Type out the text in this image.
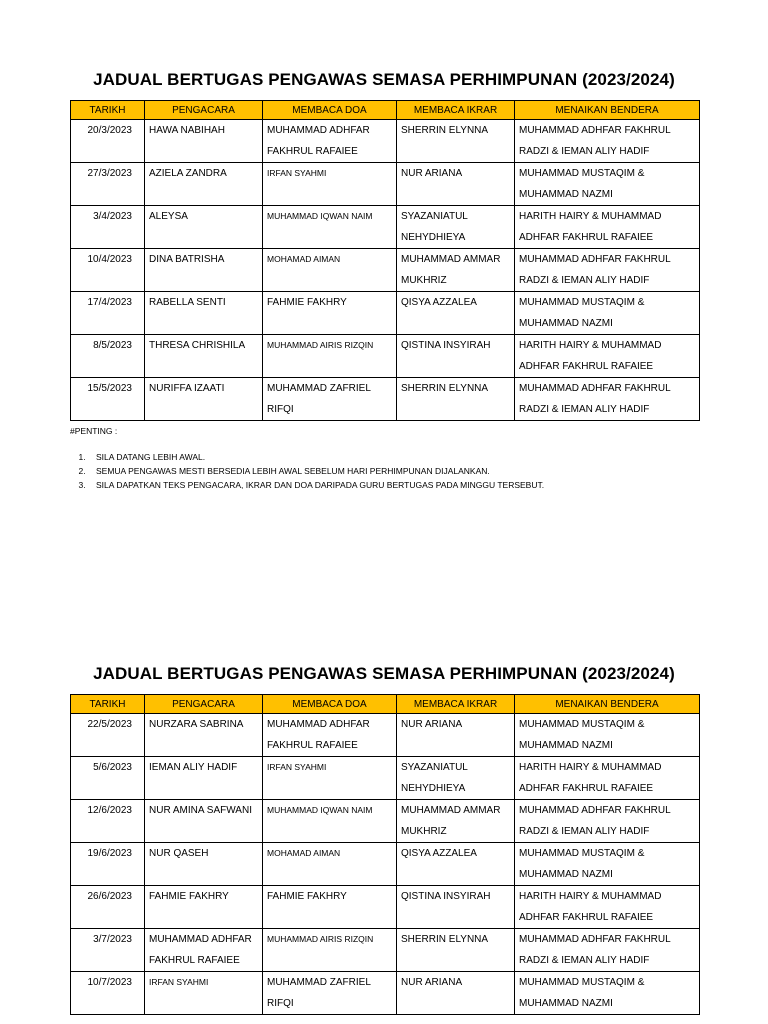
JADUAL BERTUGAS PENGAWAS SEMASA PERHIMPUNAN (2023/2024)
TARIKH	PENGACARA	MEMBACA DOA	MEMBACA IKRAR	MENAIKAN BENDERA
20/3/2023	HAWA NABIHAH	MUHAMMAD ADHFAR FAKHRUL RAFAIEE	SHERRIN ELYNNA	MUHAMMAD ADHFAR FAKHRUL RADZI & IEMAN ALIY HADIF
27/3/2023	AZIELA ZANDRA	IRFAN SYAHMI	NUR ARIANA	MUHAMMAD MUSTAQIM & MUHAMMAD NAZMI
3/4/2023	ALEYSA	MUHAMMAD IQWAN NAIM	SYAZANIATUL NEHYDHIEYA	HARITH HAIRY & MUHAMMAD ADHFAR FAKHRUL RAFAIEE
10/4/2023	DINA BATRISHA	MOHAMAD AIMAN	MUHAMMAD AMMAR MUKHRIZ	MUHAMMAD ADHFAR FAKHRUL RADZI & IEMAN ALIY HADIF
17/4/2023	RABELLA SENTI	FAHMIE FAKHRY	QISYA AZZALEA	MUHAMMAD MUSTAQIM & MUHAMMAD NAZMI
8/5/2023	THRESA CHRISHILA	MUHAMMAD AIRIS RIZQIN	QISTINA INSYIRAH	HARITH HAIRY & MUHAMMAD ADHFAR FAKHRUL RAFAIEE
15/5/2023	NURIFFA IZAATI	MUHAMMAD ZAFRIEL RIFQI	SHERRIN ELYNNA	MUHAMMAD ADHFAR FAKHRUL RADZI & IEMAN ALIY HADIF
#PENTING :
1. SILA DATANG LEBIH AWAL.
2. SEMUA PENGAWAS MESTI BERSEDIA LEBIH AWAL SEBELUM HARI PERHIMPUNAN DIJALANKAN.
3. SILA DAPATKAN TEKS PENGACARA, IKRAR DAN DOA DARIPADA GURU BERTUGAS PADA MINGGU TERSEBUT.
JADUAL BERTUGAS PENGAWAS SEMASA PERHIMPUNAN (2023/2024)
TARIKH	PENGACARA	MEMBACA DOA	MEMBACA IKRAR	MENAIKAN BENDERA
22/5/2023	NURZARA SABRINA	MUHAMMAD ADHFAR FAKHRUL RAFAIEE	NUR ARIANA	MUHAMMAD MUSTAQIM & MUHAMMAD NAZMI
5/6/2023	IEMAN ALIY HADIF	IRFAN SYAHMI	SYAZANIATUL NEHYDHIEYA	HARITH HAIRY & MUHAMMAD ADHFAR FAKHRUL RAFAIEE
12/6/2023	NUR AMINA SAFWANI	MUHAMMAD IQWAN NAIM	MUHAMMAD AMMAR MUKHRIZ	MUHAMMAD ADHFAR FAKHRUL RADZI & IEMAN ALIY HADIF
19/6/2023	NUR QASEH	MOHAMAD AIMAN	QISYA AZZALEA	MUHAMMAD MUSTAQIM & MUHAMMAD NAZMI
26/6/2023	FAHMIE FAKHRY	FAHMIE FAKHRY	QISTINA INSYIRAH	HARITH HAIRY & MUHAMMAD ADHFAR FAKHRUL RAFAIEE
3/7/2023	MUHAMMAD ADHFAR FAKHRUL RAFAIEE	MUHAMMAD AIRIS RIZQIN	SHERRIN ELYNNA	MUHAMMAD ADHFAR FAKHRUL RADZI & IEMAN ALIY HADIF
10/7/2023	IRFAN SYAHMI	MUHAMMAD ZAFRIEL RIFQI	NUR ARIANA	MUHAMMAD MUSTAQIM & MUHAMMAD NAZMI
